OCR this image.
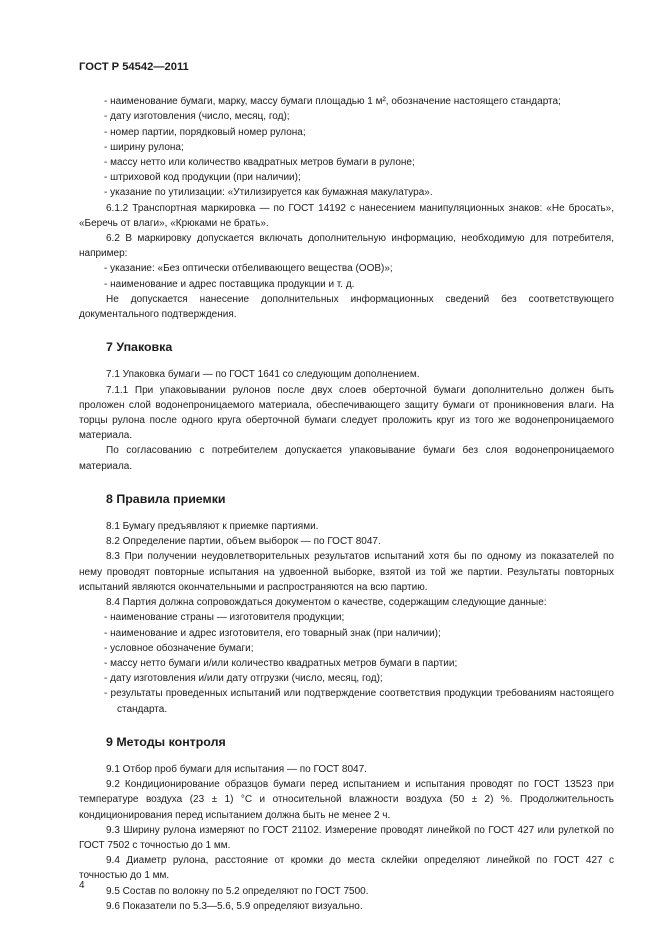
ГОСТ Р 54542—2011
- наименование бумаги, марку, массу бумаги площадью 1 м², обозначение настоящего стандарта;
- дату изготовления (число, месяц, год);
- номер партии, порядковый номер рулона;
- ширину рулона;
- массу нетто или количество квадратных метров бумаги в рулоне;
- штриховой код продукции (при наличии);
- указание по утилизации: «Утилизируется как бумажная макулатура».
6.1.2 Транспортная маркировка — по ГОСТ 14192 с нанесением манипуляционных знаков: «Не бросать», «Беречь от влаги», «Крюками не брать».
6.2 В маркировку допускается включать дополнительную информацию, необходимую для потребителя, например:
- указание: «Без оптически отбеливающего вещества (ООВ)»;
- наименование и адрес поставщика продукции и т. д.
Не допускается нанесение дополнительных информационных сведений без соответствующего документального подтверждения.
7 Упаковка
7.1 Упаковка бумаги — по ГОСТ 1641 со следующим дополнением.
7.1.1 При упаковывании рулонов после двух слоев оберточной бумаги дополнительно должен быть проложен слой водонепроницаемого материала, обеспечивающего защиту бумаги от проникновения влаги. На торцы рулона после одного круга оберточной бумаги следует проложить круг из того же водонепроницаемого материала.
По согласованию с потребителем допускается упаковывание бумаги без слоя водонепроницаемого материала.
8 Правила приемки
8.1 Бумагу предъявляют к приемке партиями.
8.2 Определение партии, объем выборок — по ГОСТ 8047.
8.3 При получении неудовлетворительных результатов испытаний хотя бы по одному из показателей по нему проводят повторные испытания на удвоенной выборке, взятой из той же партии. Результаты повторных испытаний являются окончательными и распространяются на всю партию.
8.4 Партия должна сопровождаться документом о качестве, содержащим следующие данные:
- наименование страны — изготовителя продукции;
- наименование и адрес изготовителя, его товарный знак (при наличии);
- условное обозначение бумаги;
- массу нетто бумаги и/или количество квадратных метров бумаги в партии;
- дату изготовления и/или дату отгрузки (число, месяц, год);
- результаты проведенных испытаний или подтверждение соответствия продукции требованиям настоящего стандарта.
9 Методы контроля
9.1 Отбор проб бумаги для испытания — по ГОСТ 8047.
9.2 Кондиционирование образцов бумаги перед испытанием и испытания проводят по ГОСТ 13523 при температуре воздуха (23 ± 1) °С и относительной влажности воздуха (50 ± 2) %. Продолжительность кондиционирования перед испытанием должна быть не менее 2 ч.
9.3 Ширину рулона измеряют по ГОСТ 21102. Измерение проводят линейкой по ГОСТ 427 или рулеткой по ГОСТ 7502 с точностью до 1 мм.
9.4 Диаметр рулона, расстояние от кромки до места склейки определяют линейкой по ГОСТ 427 с точностью до 1 мм.
9.5 Состав по волокну по 5.2 определяют по ГОСТ 7500.
9.6 Показатели по 5.3—5.6, 5.9 определяют визуально.
4
